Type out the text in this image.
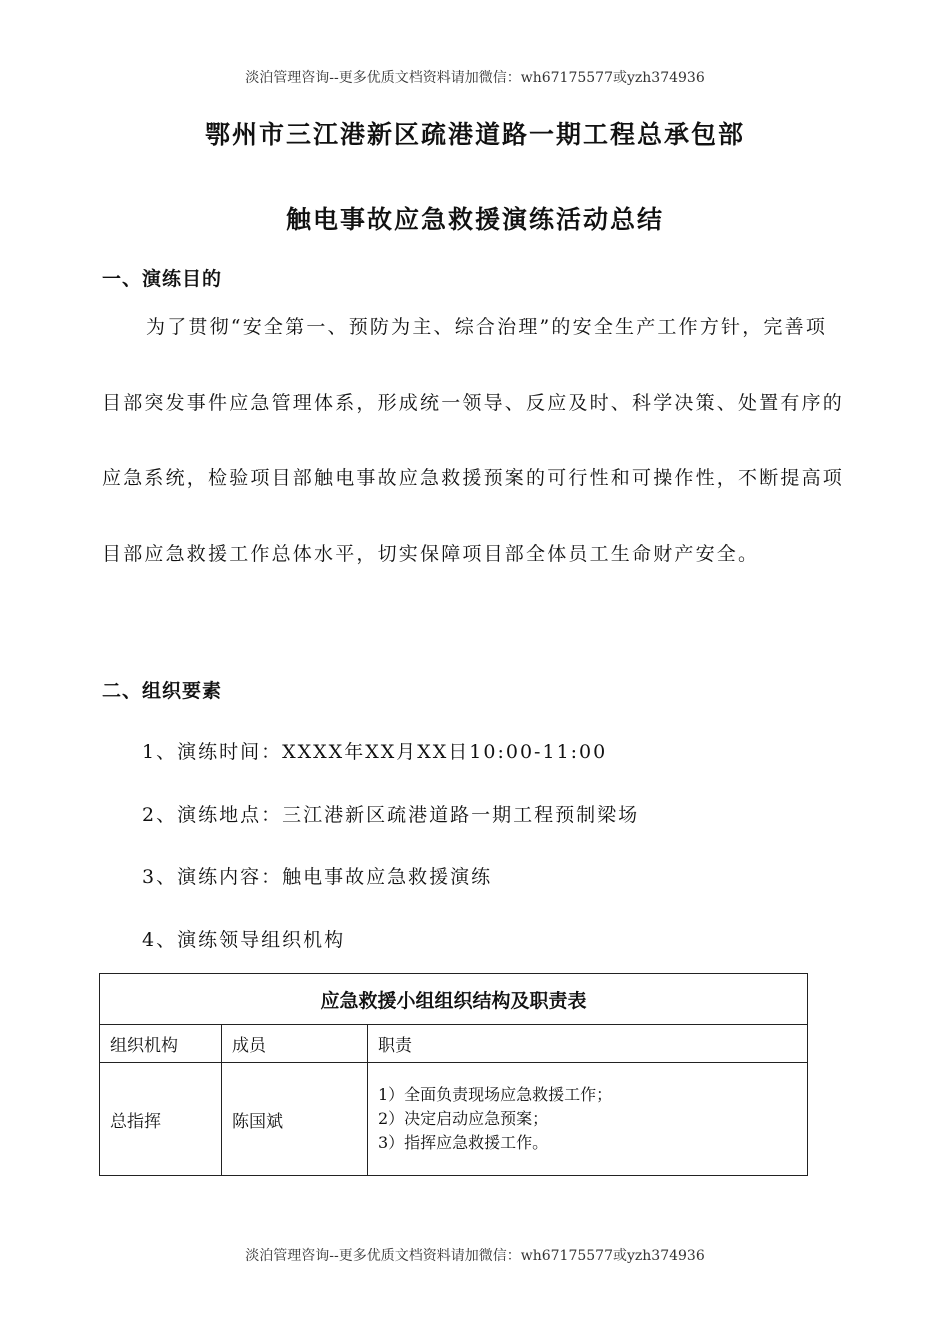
淡泊管理咨询--更多优质文档资料请加微信：wh67175577或yzh374936
鄂州市三江港新区疏港道路一期工程总承包部
触电事故应急救援演练活动总结
一、演练目的

为了贯彻“安全第一、预防为主、综合治理”的安全生产工作方针，完善项目部突发事件应急管理体系，形成统一领导、反应及时、科学决策、处置有序的应急系统，检验项目部触电事故应急救援预案的可行性和可操作性，不断提高项目部应急救援工作总体水平，切实保障项目部全体员工生命财产安全。

二、组织要素
1、演练时间：XXXX年XX月XX日10:00-11:00
2、演练地点：三江港新区疏港道路一期工程预制梁场
3、演练内容：触电事故应急救援演练
4、演练领导组织机构
应急救援小组组织结构及职责表		
组织机构	成员	职责
总指挥	陈国斌	1）全面负责现场应急救援工作；
2）决定启动应急预案；
3）指挥应急救援工作。
淡泊管理咨询--更多优质文档资料请加微信：wh67175577或yzh374936
